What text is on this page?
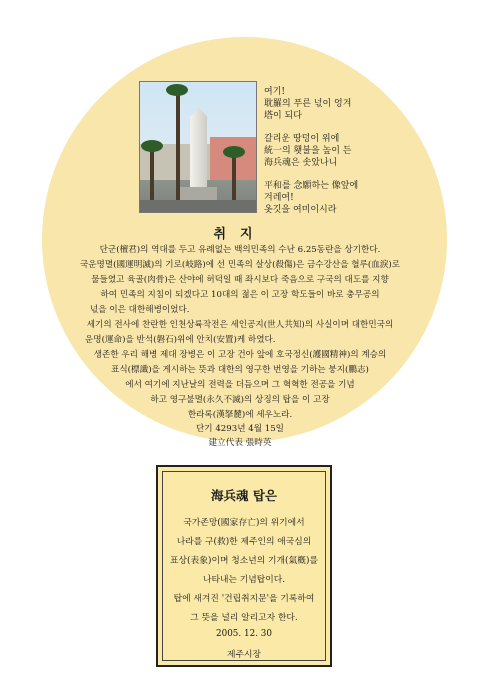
여기!
耽羅의 푸른 넋이 엉겨
塔이 되다

갈리운 땅덩이 위에
統一의 횃불을 높이 든
海兵魂은 솟았나니

平和를 念願하는 像앞에
겨레여!
옷깃을 여미이시라

취지
단군(檀君)의 역대를 두고 유례없는 백의민족의 수난 6.25동란을 상기한다.
국운명멸(國運明滅)의 기로(岐路)에 선 민족의 살상(殺傷)은 금수강산을 혈루(血淚)로
물들였고 육골(肉骨)은 산야에 허덕일 때 좌시보다 죽음으로 구국의 대도를 지향
하여 민족의 지침이 되겠다고 10대의 젊은 이 고장 학도들이 바로 충무공의
넋을 이은 대한해병이었다.
세기의 전사에 찬란한 인천상륙작전은 세인공지(世人共知)의 사실이며 대한민국의
운명(運命)을 반석(磐石)위에 안치(安置)케 하였다.
생존한 우리 해병 제대 장병은 이 고장 건아 앞에 호국정신(護國精神)의 계승의
표식(標識)을 게시하는 뜻과 대한의 영구한 번영을 기하는 붕지(鵬志)
에서 여기에 지난날의 전력을 더듬으며 그 혁혁한 전공을 기념
하고 영구불멸(永久不滅)의 상징의 탑을 이 고장
한라록(漢拏麓)에 세우노라.
단기 4293년 4월 15일
建立代表 張時英
海兵魂 탑은
국가존망(國家存亡)의 위기에서
나라를 구(救)한 제주인의 애국심의
표상(表象)이며 청소년의 기개(氣槪)를
나타내는 기념탑이다.
탑에 새겨진 '건립취지문'을 기록하여
그 뜻을 널리 알리고자 한다.
2005. 12. 30
제주시장
